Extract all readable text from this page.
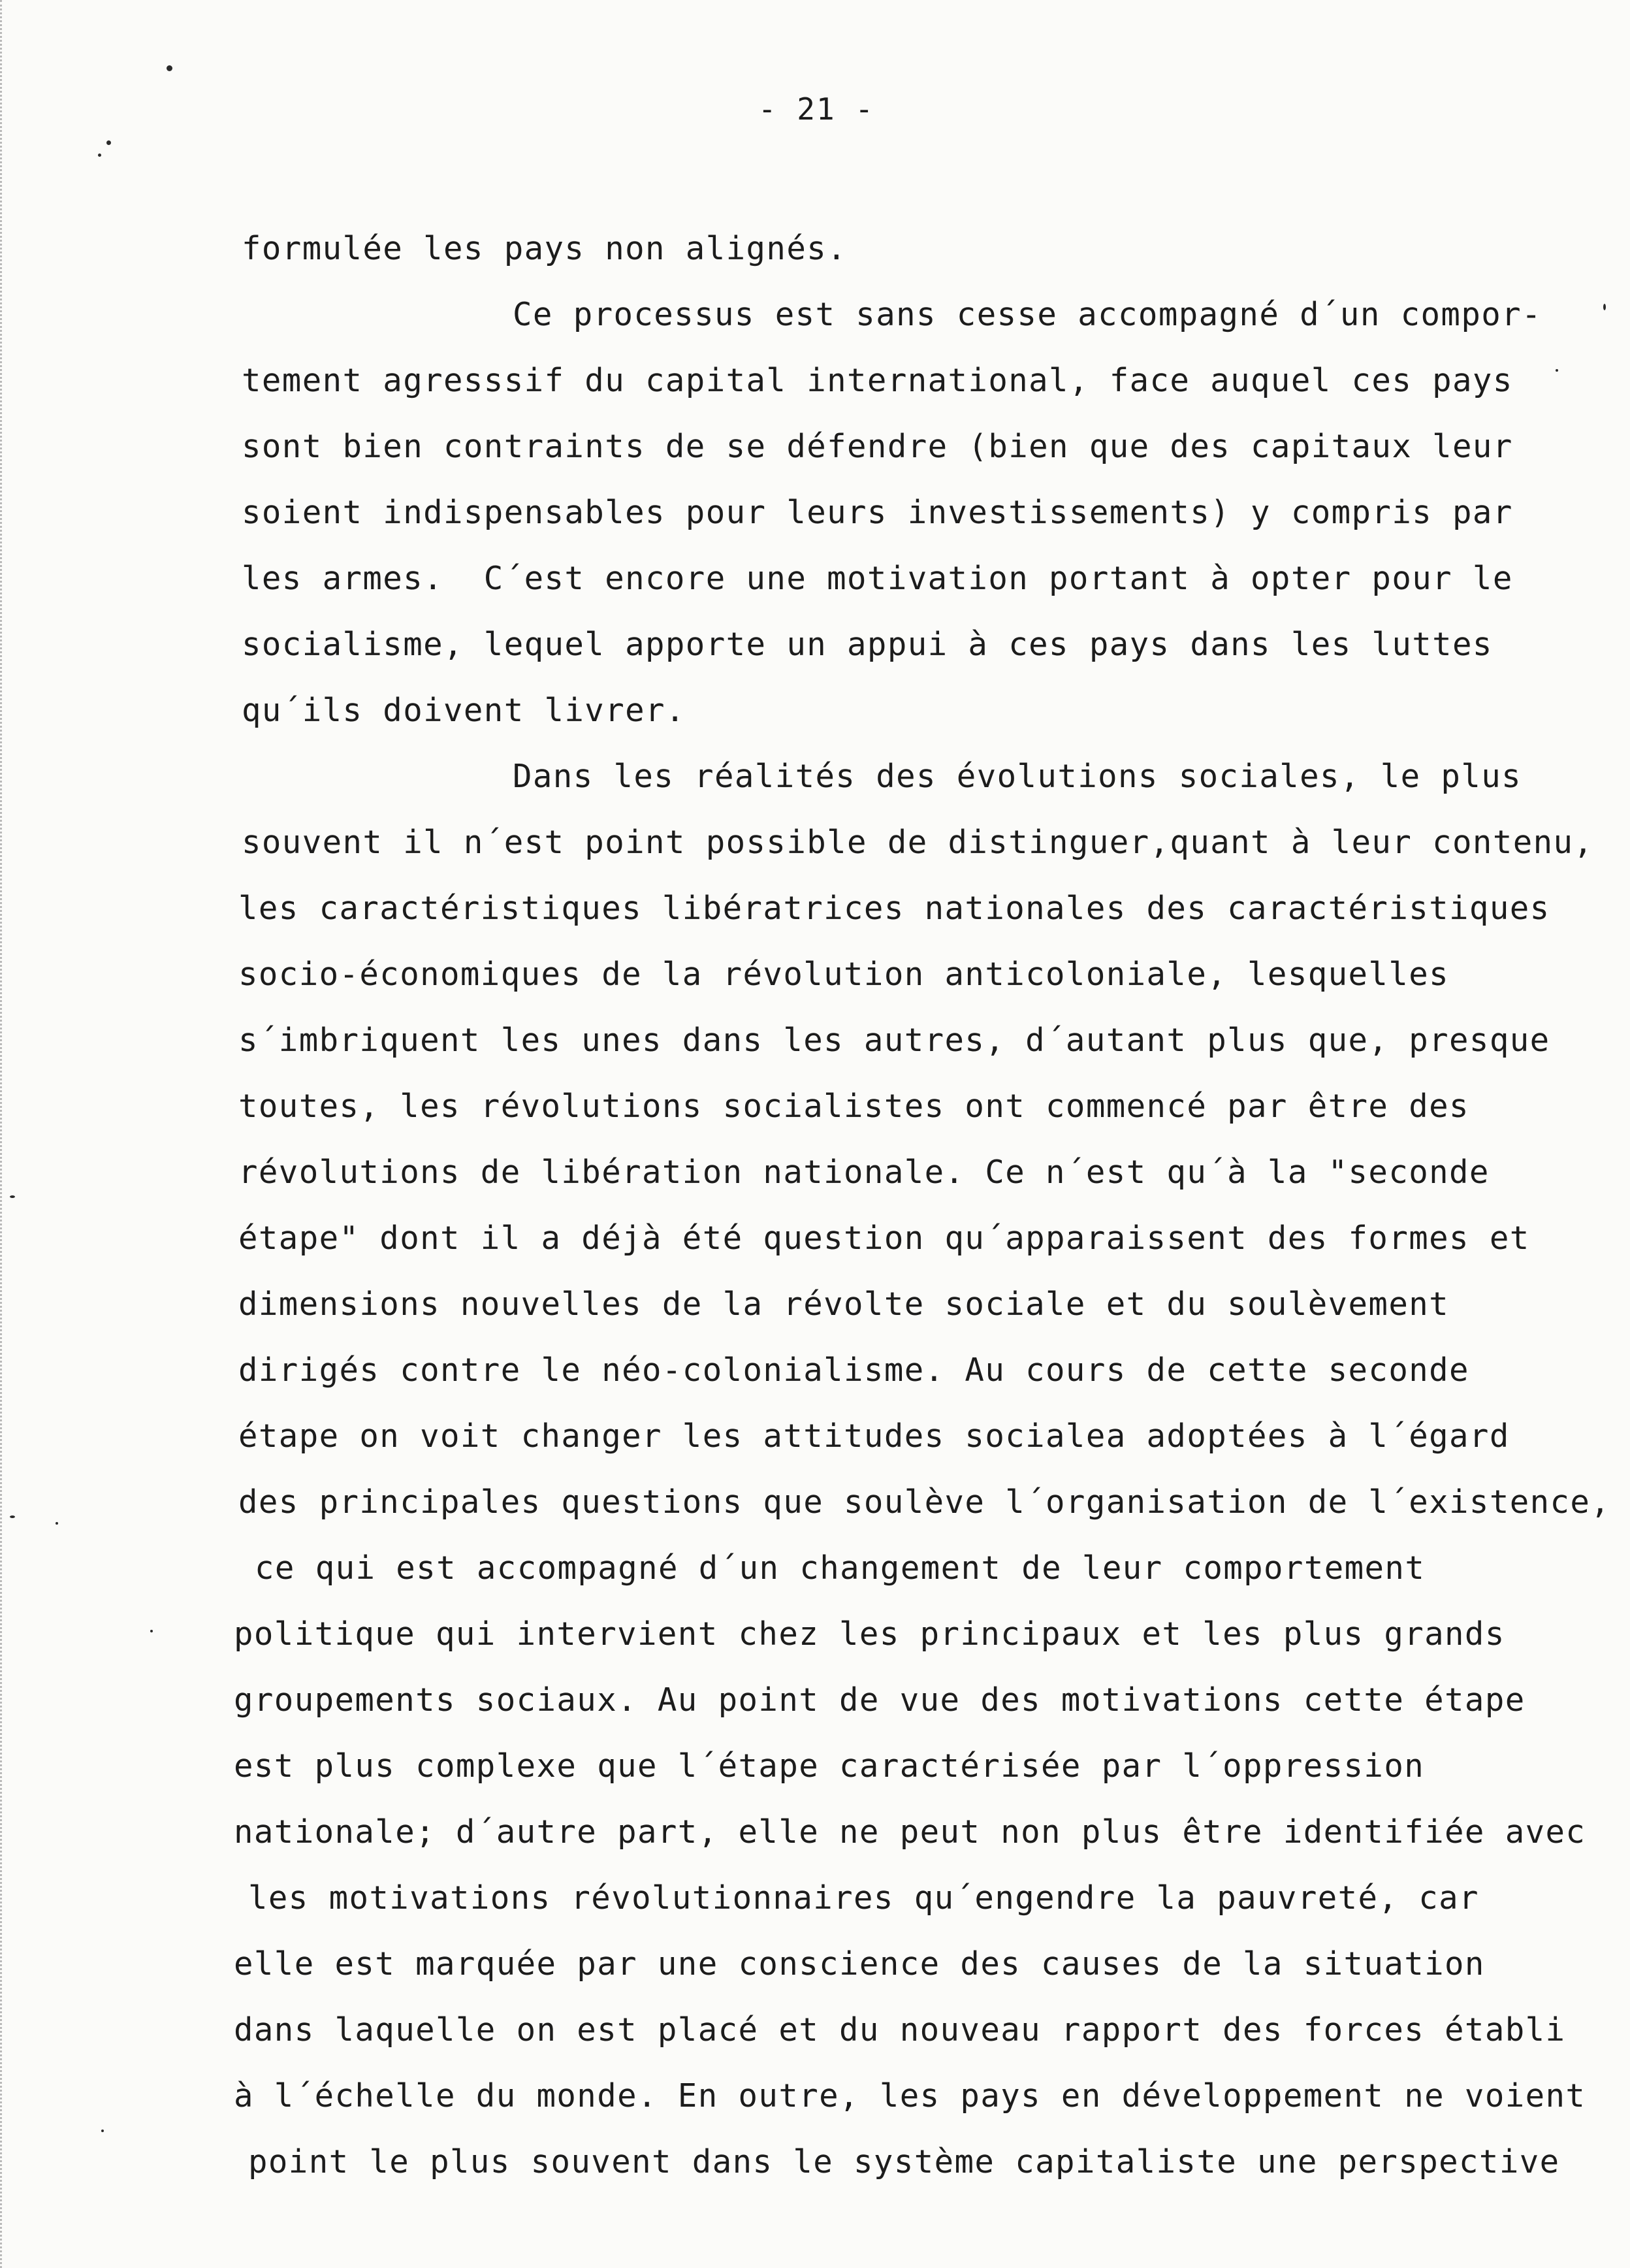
- 21 -
formulée les pays non alignés.
Ce processus est sans cesse accompagné d´un compor-
tement agresssif du capital international, face auquel ces pays
sont bien contraints de se défendre (bien que des capitaux leur
soient indispensables pour leurs investissements) y compris par
les armes.  C´est encore une motivation portant à opter pour le
socialisme, lequel apporte un appui à ces pays dans les luttes
qu´ils doivent livrer.
Dans les réalités des évolutions sociales, le plus
souvent il n´est point possible de distinguer,quant à leur contenu,
les caractéristiques libératrices nationales des caractéristiques
socio-économiques de la révolution anticoloniale, lesquelles
s´imbriquent les unes dans les autres, d´autant plus que, presque
toutes, les révolutions socialistes ont commencé par être des
révolutions de libération nationale. Ce n´est qu´à la "seconde
étape" dont il a déjà été question qu´apparaissent des formes et
dimensions nouvelles de la révolte sociale et du soulèvement
dirigés contre le néo-colonialisme. Au cours de cette seconde
étape on voit changer les attitudes socialea adoptées à l´égard
des principales questions que soulève l´organisation de l´existence,
ce qui est accompagné d´un changement de leur comportement
politique qui intervient chez les principaux et les plus grands
groupements sociaux. Au point de vue des motivations cette étape
est plus complexe que l´étape caractérisée par l´oppression
nationale; d´autre part, elle ne peut non plus être identifiée avec
les motivations révolutionnaires qu´engendre la pauvreté, car
elle est marquée par une conscience des causes de la situation
dans laquelle on est placé et du nouveau rapport des forces établi
à l´échelle du monde. En outre, les pays en développement ne voient
point le plus souvent dans le système capitaliste une perspective
